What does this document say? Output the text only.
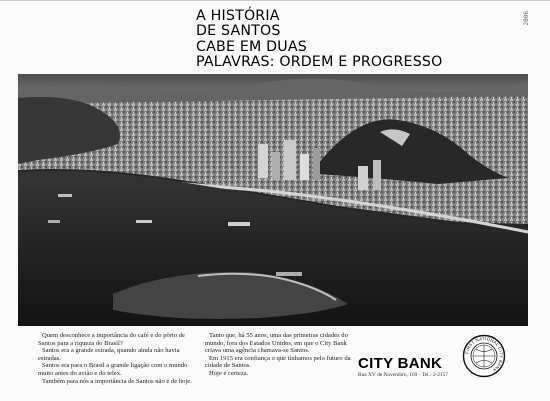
2006
A HISTÓRIA
DE SANTOS
CABE EM DUAS
PALAVRAS: ORDEM E PROGRESSO

Quem desconhece a importância do café e do pôrto de Santos para a riqueza do Brasil?

Santos era a grande estrada, quando ainda não havia estradas.

Santos era para o Brasil a grande ligação com o mundo muito antes do avião e do telex.

Também para nós a importância de Santos não é de hoje.

Tanto que, há 55 anos, uma das primeiras cidades do mundo, fora dos Estados Unidos, em que o City Bank criava uma agência chamava-se Santos.

Em 1915 era confiança o que tínhamos pelo futuro da cidade de Santos.

Hoje é certeza.

CITY BANK
Rua XV de Novembro, 169 · Tel.: 2-2157
FIRST NATIONAL CITY BANK
